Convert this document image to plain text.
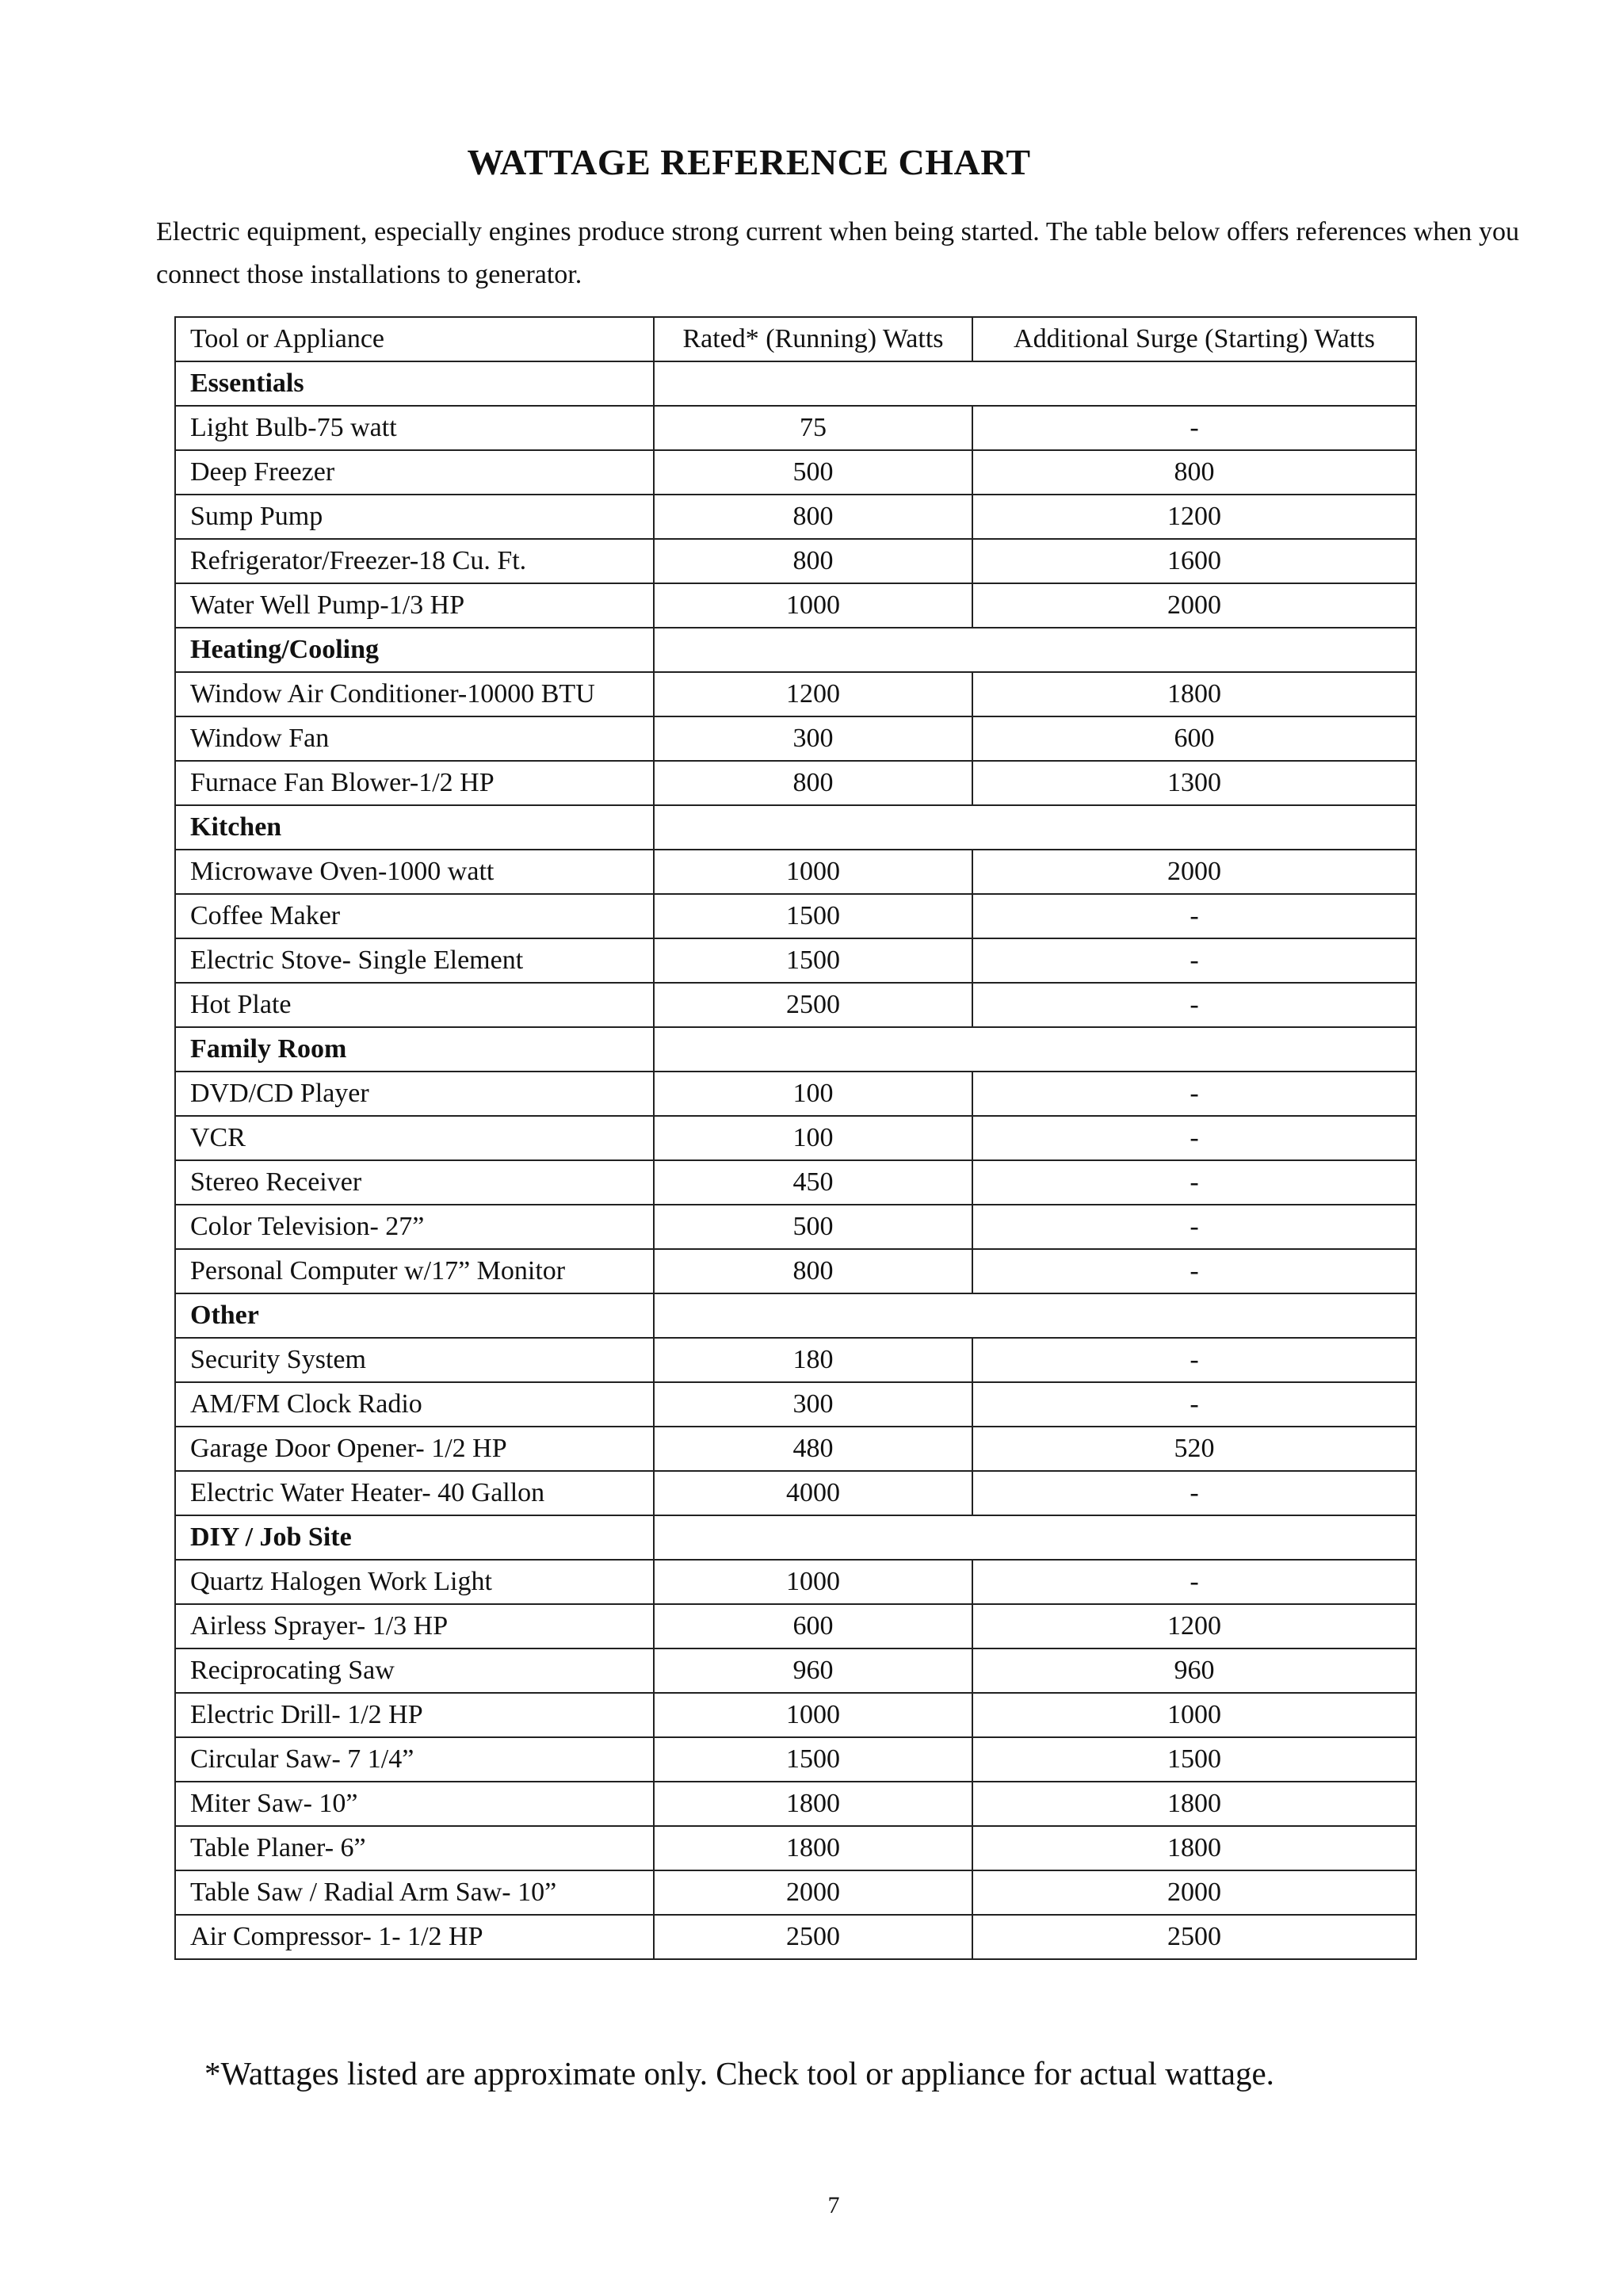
WATTAGE REFERENCE CHART
Electric equipment, especially engines produce strong current when being started. The table below offers references when you connect those installations to generator.
Tool or Appliance	Rated* (Running) Watts	Additional Surge (Starting) Watts
Essentials		
Light Bulb-75 watt	75	-
Deep Freezer	500	800
Sump Pump	800	1200
Refrigerator/Freezer-18 Cu. Ft.	800	1600
Water Well Pump-1/3 HP	1000	2000
Heating/Cooling		
Window Air Conditioner-10000 BTU	1200	1800
Window Fan	300	600
Furnace Fan Blower-1/2 HP	800	1300
Kitchen		
Microwave Oven-1000 watt	1000	2000
Coffee Maker	1500	-
Electric Stove- Single Element	1500	-
Hot Plate	2500	-
Family Room		
DVD/CD Player	100	-
VCR	100	-
Stereo Receiver	450	-
Color Television- 27”	500	-
Personal Computer w/17” Monitor	800	-
Other		
Security System	180	-
AM/FM Clock Radio	300	-
Garage Door Opener- 1/2 HP	480	520
Electric Water Heater- 40 Gallon	4000	-
DIY / Job Site		
Quartz Halogen Work Light	1000	-
Airless Sprayer- 1/3 HP	600	1200
Reciprocating Saw	960	960
Electric Drill- 1/2 HP	1000	1000
Circular Saw- 7 1/4”	1500	1500
Miter Saw- 10”	1800	1800
Table Planer- 6”	1800	1800
Table Saw / Radial Arm Saw- 10”	2000	2000
Air Compressor- 1- 1/2 HP	2500	2500
*Wattages listed are approximate only. Check tool or appliance for actual wattage.
7
